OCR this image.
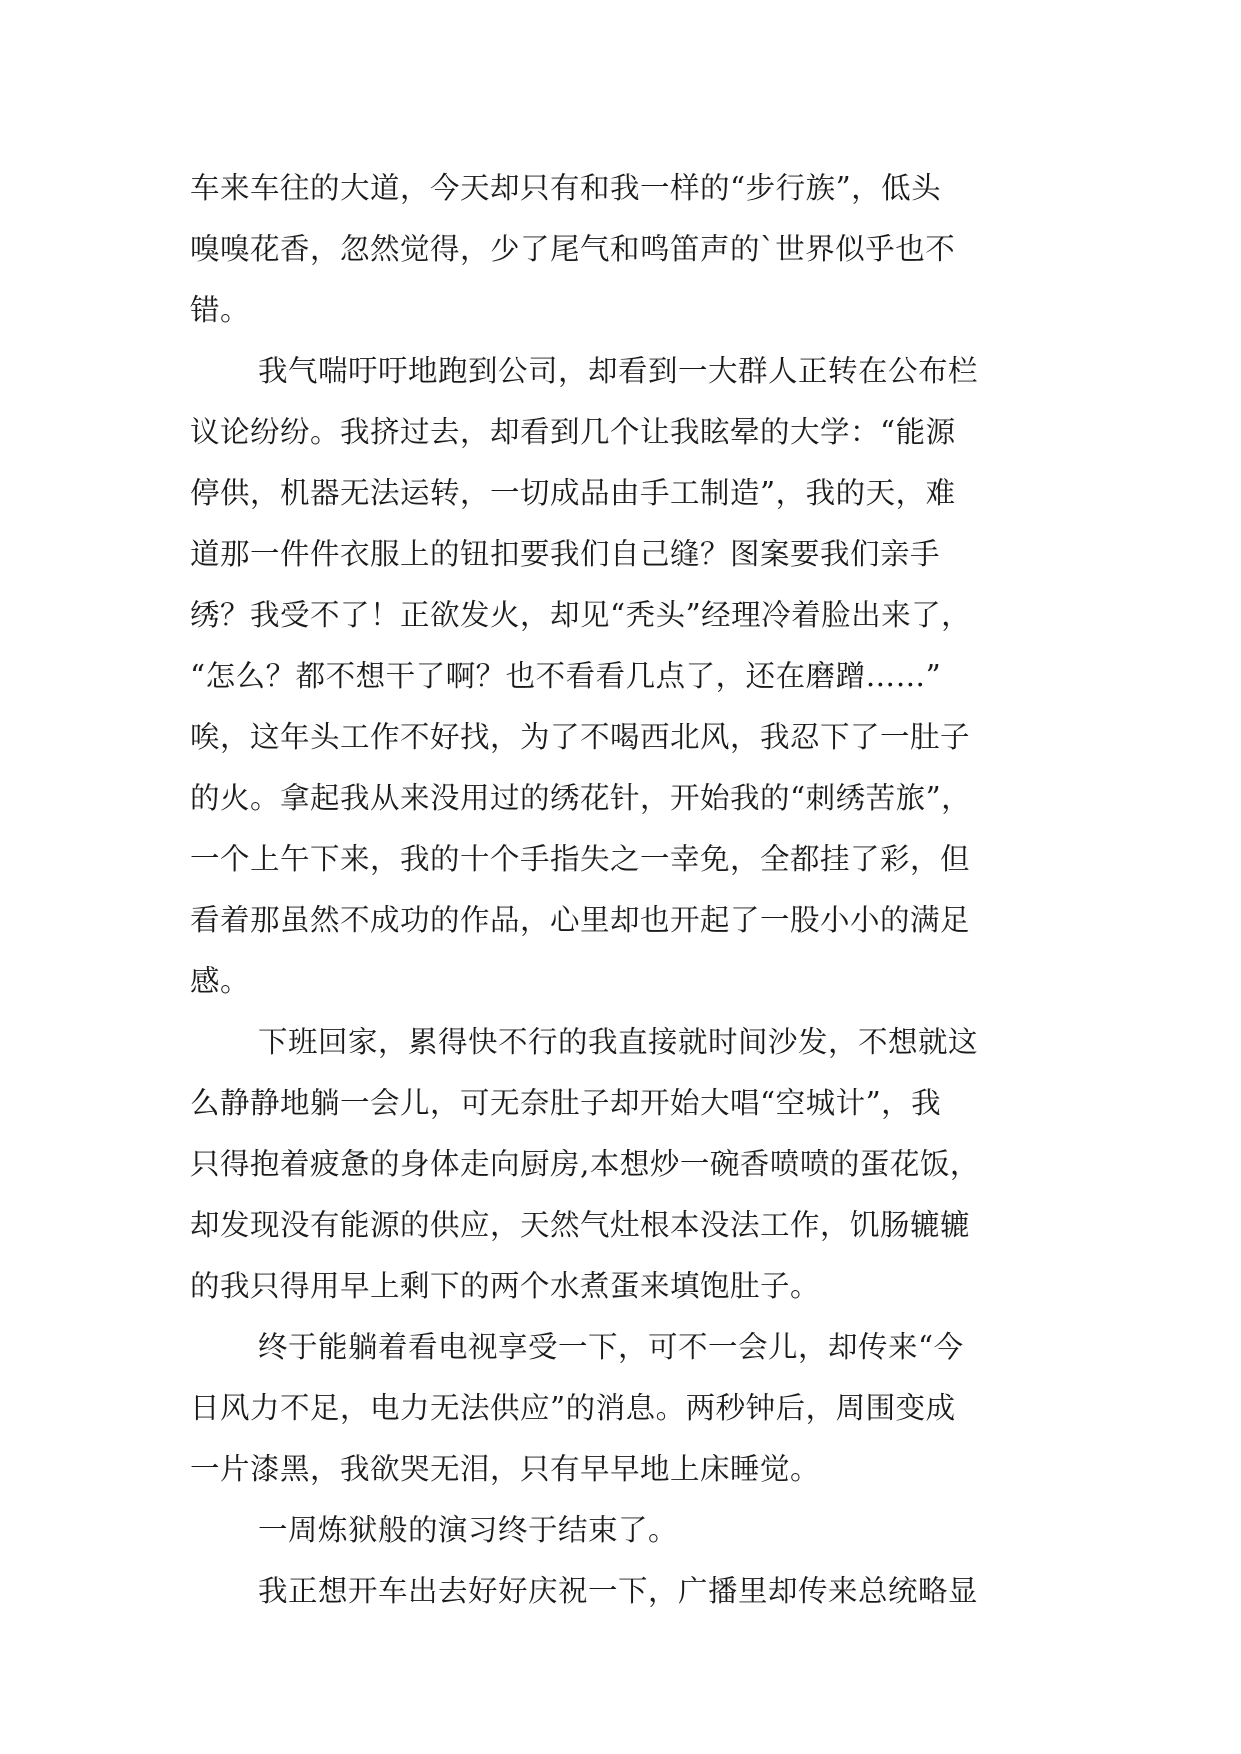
车来车往的大道，今天却只有和我一样的“步行族”，低头
嗅嗅花香，忽然觉得，少了尾气和鸣笛声的`世界似乎也不
错。
我气喘吁吁地跑到公司，却看到一大群人正转在公布栏
议论纷纷。我挤过去，却看到几个让我眩晕的大学：“能源
停供，机器无法运转，一切成品由手工制造”，我的天，难
道那一件件衣服上的钮扣要我们自己缝？图案要我们亲手
绣？我受不了！正欲发火，却见“秃头”经理冷着脸出来了，
“怎么？都不想干了啊？也不看看几点了，还在磨蹭……”
唉，这年头工作不好找，为了不喝西北风，我忍下了一肚子
的火。拿起我从来没用过的绣花针，开始我的“刺绣苦旅”，
一个上午下来，我的十个手指失之一幸免，全都挂了彩，但
看着那虽然不成功的作品，心里却也开起了一股小小的满足
感。
下班回家，累得快不行的我直接就时间沙发，不想就这
么静静地躺一会儿，可无奈肚子却开始大唱“空城计”，我
只得抱着疲惫的身体走向厨房,本想炒一碗香喷喷的蛋花饭，
却发现没有能源的供应，天然气灶根本没法工作，饥肠辘辘
的我只得用早上剩下的两个水煮蛋来填饱肚子。
终于能躺着看电视享受一下，可不一会儿，却传来“今
日风力不足，电力无法供应”的消息。两秒钟后，周围变成
一片漆黑，我欲哭无泪，只有早早地上床睡觉。
一周炼狱般的演习终于结束了。
我正想开车出去好好庆祝一下，广播里却传来总统略显
